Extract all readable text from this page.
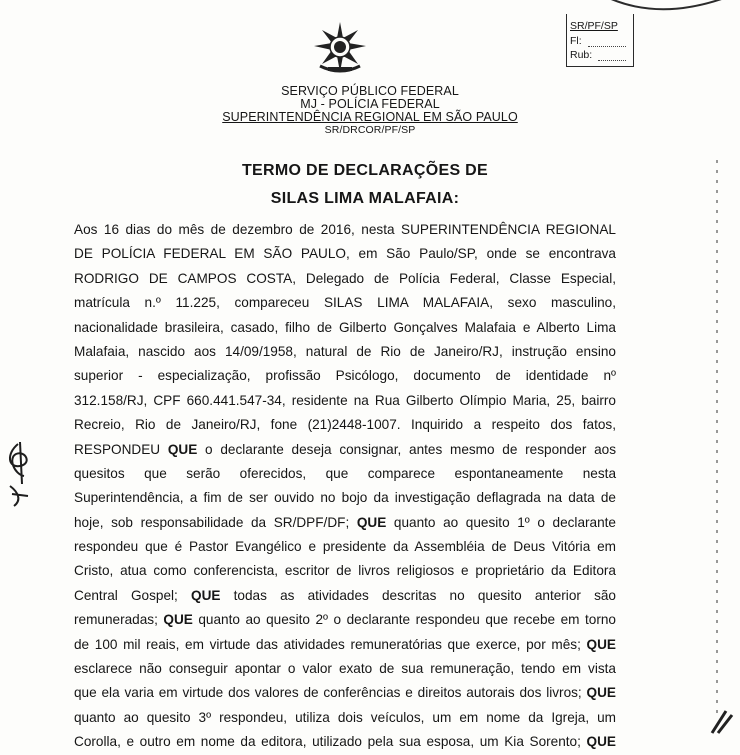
SERVIÇO PÚBLICO FEDERAL
MJ - POLÍCIA FEDERAL
SUPERINTENDÊNCIA REGIONAL EM SÃO PAULO
SR/DRCOR/PF/SP
SR/PF/SP
Fl:
Rub:
TERMO DE DECLARAÇÕES DE
SILAS LIMA MALAFAIA:
Aos 16 dias do mês de dezembro de 2016, nesta SUPERINTENDÊNCIA REGIONAL
DE POLÍCIA FEDERAL EM SÃO PAULO, em São Paulo/SP, onde se encontrava
RODRIGO DE CAMPOS COSTA, Delegado de Polícia Federal, Classe Especial,
matrícula n.º 11.225, compareceu SILAS LIMA MALAFAIA, sexo masculino,
nacionalidade brasileira, casado, filho de Gilberto Gonçalves Malafaia e Alberto Lima
Malafaia, nascido aos 14/09/1958, natural de Rio de Janeiro/RJ, instrução ensino
superior - especialização, profissão Psicólogo, documento de identidade nº
312.158/RJ, CPF 660.441.547-34, residente na Rua Gilberto Olímpio Maria, 25, bairro
Recreio, Rio de Janeiro/RJ, fone (21)2448-1007. Inquirido a respeito dos fatos,
RESPONDEU QUE o declarante deseja consignar, antes mesmo de responder aos
quesitos que serão oferecidos, que comparece espontaneamente nesta
Superintendência, a fim de ser ouvido no bojo da investigação deflagrada na data de
hoje, sob responsabilidade da SR/DPF/DF; QUE quanto ao quesito 1º o declarante
respondeu que é Pastor Evangélico e presidente da Assembléia de Deus Vitória em
Cristo, atua como conferencista, escritor de livros religiosos e proprietário da Editora
Central Gospel; QUE todas as atividades descritas no quesito anterior são
remuneradas; QUE quanto ao quesito 2º o declarante respondeu que recebe em torno
de 100 mil reais, em virtude das atividades remuneratórias que exerce, por mês; QUE
esclarece não conseguir apontar o valor exato de sua remuneração, tendo em vista
que ela varia em virtude dos valores de conferências e direitos autorais dos livros; QUE
quanto ao quesito 3º respondeu, utiliza dois veículos, um em nome da Igreja, um
Corolla, e outro em nome da editora, utilizado pela sua esposa, um Kia Sorento; QUE
